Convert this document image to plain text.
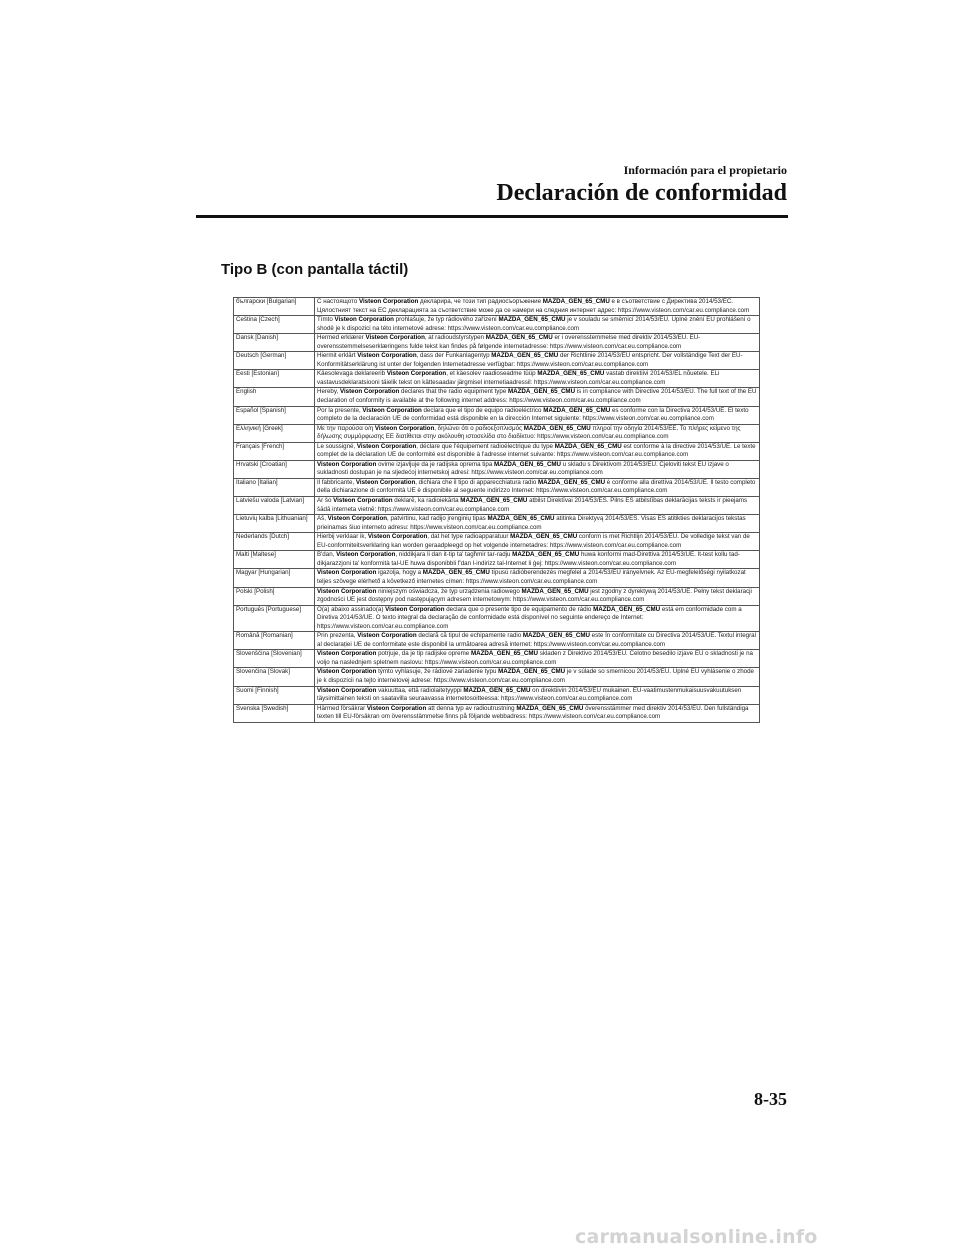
Información para el propietario
Declaración de conformidad
Tipo B (con pantalla táctil)
български [Bulgarian]	С настоящото Visteon Corporation декларира, че този тип радиосъоръжение MAZDA_GEN_65_CMU е в съответствие с Директива 2014/53/ЕС. Цялостният текст на ЕС декларацията за съответствие може да се намери на следния интернет адрес: https://www.visteon.com/car.eu.compliance.com
Čeština [Czech]	Tímto Visteon Corporation prohlašuje, že typ rádiového zařízení MAZDA_GEN_65_CMU je v souladu se směrnicí 2014/53/EU. Úplné znění EU prohlášení o shodě je k dispozici na této internetové adrese: https://www.visteon.com/car.eu.compliance.com
Dansk [Danish]	Hermed erklærer Visteon Corporation, at radioudstyrstypen MAZDA_GEN_65_CMU er i overensstemmelse med direktiv 2014/53/EU. EU-overensstemmelseserklæringens fulde tekst kan findes på følgende internetadresse: https://www.visteon.com/car.eu.compliance.com
Deutsch [German]	Hiermit erklärt Visteon Corporation, dass der Funkanlagentyp MAZDA_GEN_65_CMU der Richtlinie 2014/53/EU entspricht. Der vollständige Text der EU-Konformitätserklärung ist unter der folgenden Internetadresse verfügbar: https://www.visteon.com/car.eu.compliance.com
Eesti [Estonian]	Käesolevaga deklareerib Visteon Corporation, et käesolev raadioseadme tüüp MAZDA_GEN_65_CMU vastab direktiivi 2014/53/EL nõuetele. ELi vastavusdeklaratsiooni täielik tekst on kättesaadav järgmisel internetiaadressil: https://www.visteon.com/car.eu.compliance.com
English	Hereby, Visteon Corporation declares that the radio equipment type MAZDA_GEN_65_CMU is in compliance with Directive 2014/53/EU. The full text of the EU declaration of conformity is available at the following internet address: https://www.visteon.com/car.eu.compliance.com
Español [Spanish]	Por la presente, Visteon Corporation declara que el tipo de equipo radioeléctrico MAZDA_GEN_65_CMU es conforme con la Directiva 2014/53/UE. El texto completo de la declaración UE de conformidad está disponible en la dirección Internet siguiente: https://www.visteon.com/car.eu.compliance.com
Ελληνική [Greek]	Με την παρούσα ο/η Visteon Corporation, δηλώνει ότι ο ραδιοεξοπλισμός MAZDA_GEN_65_CMU πληροί την οδηγία 2014/53/ΕΕ. Το πλήρες κείμενο της δήλωσης συμμόρφωσης ΕΕ διατίθεται στην ακόλουθη ιστοσελίδα στο διαδίκτυο: https://www.visteon.com/car.eu.compliance.com
Français [French]	Le soussigné, Visteon Corporation, déclare que l'équipement radioélectrique du type MAZDA_GEN_65_CMU est conforme à la directive 2014/53/UE. Le texte complet de la déclaration UE de conformité est disponible à l'adresse internet suivante: https://www.visteon.com/car.eu.compliance.com
Hrvatski [Croatian]	Visteon Corporation ovime izjavljuje da je radijska oprema tipa MAZDA_GEN_65_CMU u skladu s Direktivom 2014/53/EU. Cjeloviti tekst EU izjave o sukladnosti dostupan je na sljedećoj internetskoj adresi: https://www.visteon.com/car.eu.compliance.com
Italiano [Italian]	Il fabbricante, Visteon Corporation, dichiara che il tipo di apparecchiatura radio MAZDA_GEN_65_CMU è conforme alla direttiva 2014/53/UE. Il testo completo della dichiarazione di conformità UE è disponibile al seguente indirizzo Internet: https://www.visteon.com/car.eu.compliance.com
Latviešu valoda [Latvian]	Ar šo Visteon Corporation deklarē, ka radioiekārta MAZDA_GEN_65_CMU atbilst Direktīvai 2014/53/ES. Pilns ES atbilstības deklarācijas teksts ir pieejams šādā interneta vietnē: https://www.visteon.com/car.eu.compliance.com
Lietuvių kalba [Lithuanian]	Aš, Visteon Corporation, patvirtinu, kad radijo įrenginių tipas MAZDA_GEN_65_CMU atitinka Direktyvą 2014/53/ES. Visas ES atitikties deklaracijos tekstas prieinamas šiuo interneto adresu: https://www.visteon.com/car.eu.compliance.com
Nederlands [Dutch]	Hierbij verklaar ik, Visteon Corporation, dat het type radioapparatuur MAZDA_GEN_65_CMU conform is met Richtlijn 2014/53/EU. De volledige tekst van de EU-conformiteitsverklaring kan worden geraadpleegd op het volgende internetadres: https://www.visteon.com/car.eu.compliance.com
Malti [Maltese]	B'dan, Visteon Corporation, niddikjara li dan it-tip ta' tagħmir tar-radju MAZDA_GEN_65_CMU huwa konformi mad-Direttiva 2014/53/UE. It-test kollu tad-dikjarazzjoni ta' konformità tal-UE huwa disponibbli f'dan l-indirizz tal-Internet li ġej: https://www.visteon.com/car.eu.compliance.com
Magyar [Hungarian]	Visteon Corporation igazolja, hogy a MAZDA_GEN_65_CMU típusú rádióberendezés megfelel a 2014/53/EU irányelvnek. Az EU-megfelelőségi nyilatkozat teljes szövege elérhető a következő internetes címen: https://www.visteon.com/car.eu.compliance.com
Polski [Polish]	Visteon Corporation niniejszym oświadcza, że typ urządzenia radiowego MAZDA_GEN_65_CMU jest zgodny z dyrektywą 2014/53/UE. Pełny tekst deklaracji zgodności UE jest dostępny pod następującym adresem internetowym: https://www.visteon.com/car.eu.compliance.com
Português [Portuguese]	O(a) abaixo assinado(a) Visteon Corporation declara que o presente tipo de equipamento de rádio MAZDA_GEN_65_CMU está em conformidade com a Diretiva 2014/53/UE. O texto integral da declaração de conformidade está disponível no seguinte endereço de Internet: https://www.visteon.com/car.eu.compliance.com
Română [Romanian]	Prin prezenta, Visteon Corporation declară că tipul de echipamente radio MAZDA_GEN_65_CMU este în conformitate cu Directiva 2014/53/UE. Textul integral al declarației UE de conformitate este disponibil la următoarea adresă internet: https://www.visteon.com/car.eu.compliance.com
Slovenščina [Slovenian]	Visteon Corporation potrjuje, da je tip radijske opreme MAZDA_GEN_65_CMU skladen z Direktivo 2014/53/EU. Celotno besedilo izjave EU o skladnosti je na voljo na naslednjem spletnem naslovu: https://www.visteon.com/car.eu.compliance.com
Slovenčina [Slovak]	Visteon Corporation týmto vyhlasuje, že rádiové zariadenie typu MAZDA_GEN_65_CMU je v súlade so smernicou 2014/53/EÚ. Úplné EÚ vyhlásenie o zhode je k dispozícii na tejto internetovej adrese: https://www.visteon.com/car.eu.compliance.com
Suomi [Finnish]	Visteon Corporation vakuuttaa, että radiolaitetyyppi MAZDA_GEN_65_CMU on direktiivin 2014/53/EU mukainen. EU-vaatimustenmukaisuusvakuutuksen täysimittainen teksti on saatavilla seuraavassa internetosoitteessa: https://www.visteon.com/car.eu.compliance.com
Svenska [Swedish]	Härmed försäkrar Visteon Corporation att denna typ av radioutrustning MAZDA_GEN_65_CMU överensstämmer med direktiv 2014/53/EU. Den fullständiga texten till EU-försäkran om överensstämmelse finns på följande webbadress: https://www.visteon.com/car.eu.compliance.com
8-35
carmanualsonline.info
